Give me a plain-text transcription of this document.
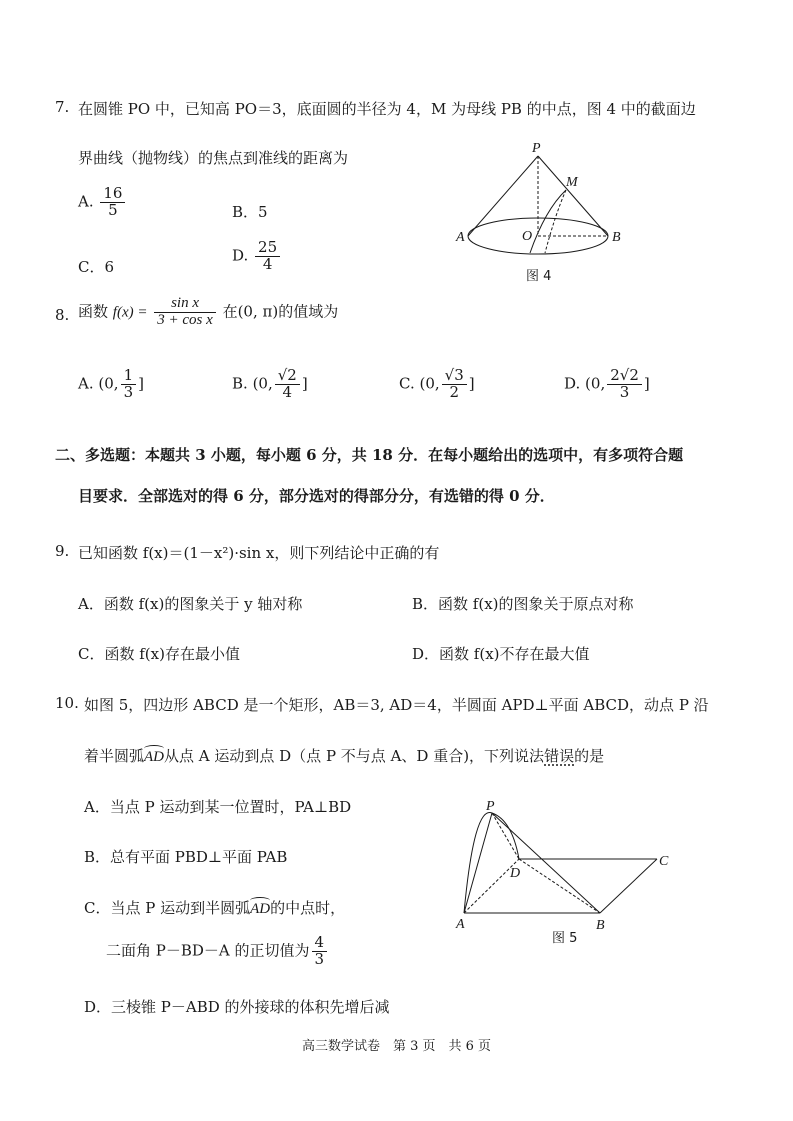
7. 在圆锥 PO 中，已知高 PO＝3，底面圆的半径为 4，M 为母线 PB 的中点，图 4 中的截面边
界曲线（抛物线）的焦点到准线的距离为
A. $\frac{16}{5}$	B．5
C．6
D. $\frac{25}{4}$
P
M
A	O	B
图 4
8. 函数 $f(x) = \frac{\text{sin x}}{\text{3 + cos x}}$ 在(0, π)的值域为
A. (0, $\frac{1}{3}$ ]	B. (0, $\frac{√2}{4}$ ]	C. (0, $\frac{√3}{2}$ ]	D. (0, $\frac{2√2}{3}$ ]
二、多选题：本题共 3 小题，每小题 6 分，共 18 分．在每小题给出的选项中，有多项符合题
目要求．全部选对的得 6 分，部分选对的得部分分，有选错的得 0 分．
9. 已知函数 f(x)＝(1－x²)·sin x，则下列结论中正确的有
A．函数 f(x)的图象关于 y 轴对称	B．函数 f(x)的图象关于原点对称
C．函数 f(x)存在最小值	D．函数 f(x)不存在最大值
10. 如图 5，四边形 ABCD 是一个矩形，AB＝3, AD＝4，半圆面 APD⊥平面 ABCD，动点 P 沿
着半圆弧AD从点 A 运动到点 D（点 P 不与点 A、D 重合)，下列说法错误的是
A．当点 P 运动到某一位置时，PA⊥BD
B．总有平面 PBD⊥平面 PAB
C．当点 P 运动到半圆弧AD的中点时，
二面角 P－BD－A 的正切值为 $\frac{4}{3}$
D．三棱锥 P－ABD 的外接球的体积先增后减
P
D
C
A	B
图 5
高三数学试卷　第 3 页　共 6 页
